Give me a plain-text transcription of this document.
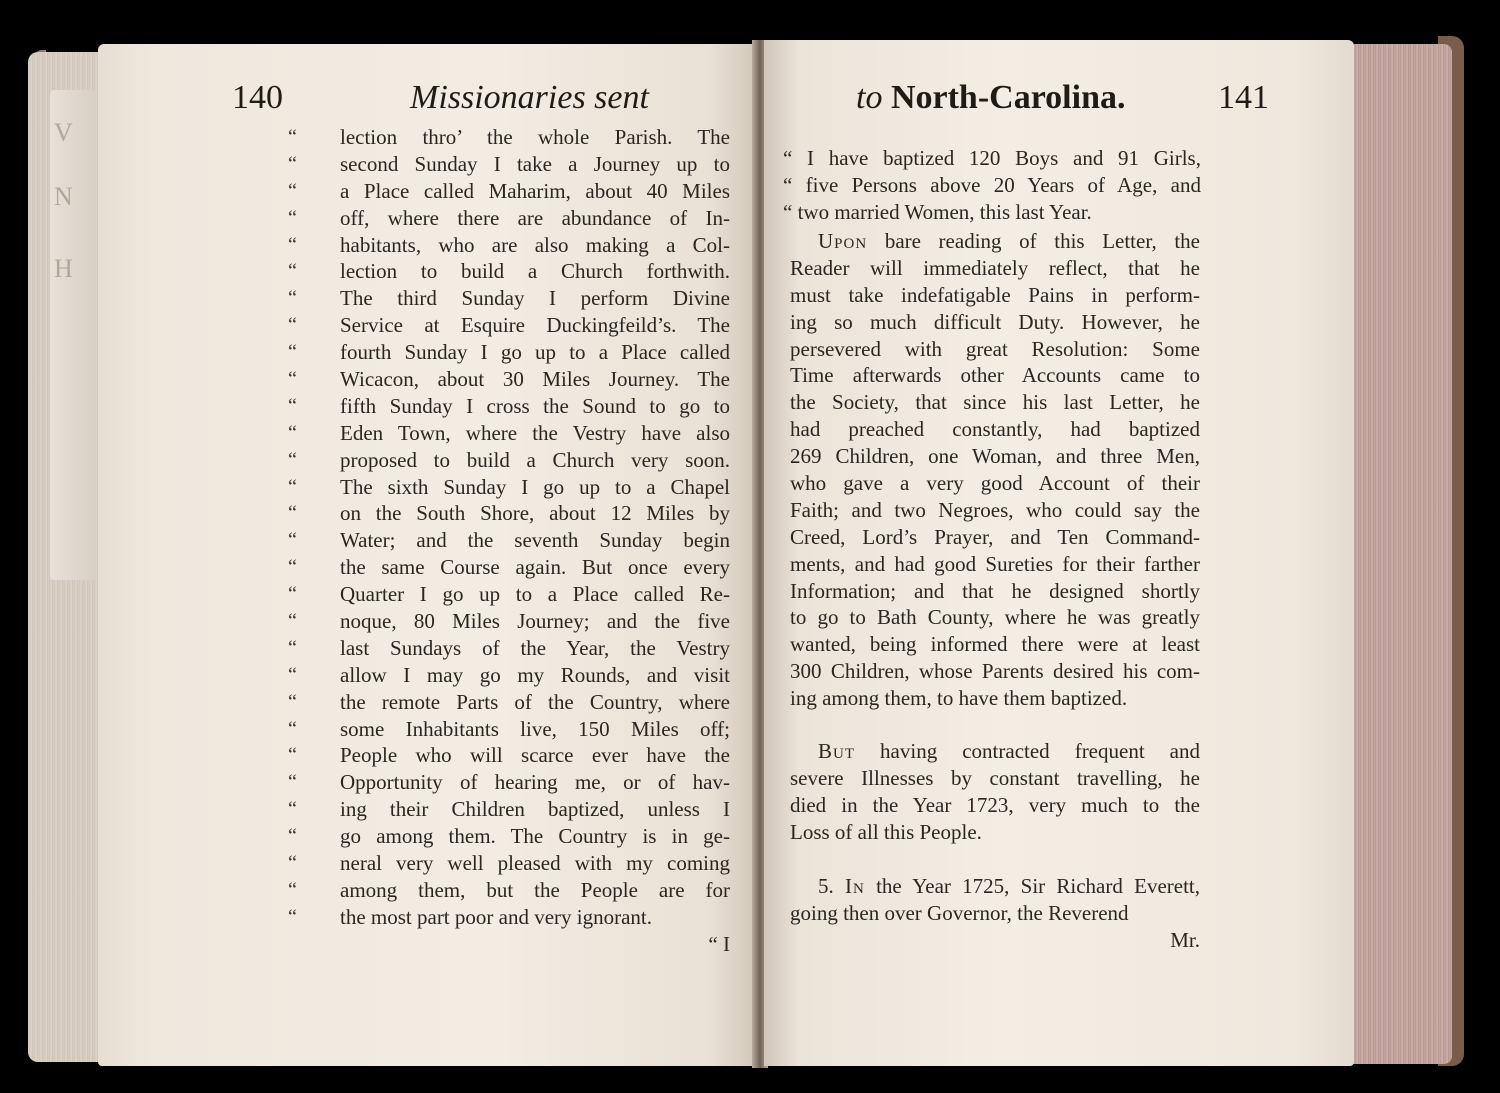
V
N
H
140	Missionaries sent
“
“
“
“
“
“
“
“
“
“
“
“
“
“
“
“
“
“
“
“
“
“
“
“
“
“
“
“
“
“
lection thro’ the whole Parish. The
second Sunday I take a Journey up to
a Place called Maharim, about 40 Miles
off, where there are abundance of In-
habitants, who are also making a Col-
lection to build a Church forthwith.
The third Sunday I perform Divine
Service at Esquire Duckingfeild’s. The
fourth Sunday I go up to a Place called
Wicacon, about 30 Miles Journey. The
fifth Sunday I cross the Sound to go to
Eden Town, where the Vestry have also
proposed to build a Church very soon.
The sixth Sunday I go up to a Chapel
on the South Shore, about 12 Miles by
Water; and the seventh Sunday begin
the same Course again. But once every
Quarter I go up to a Place called Re-
noque, 80 Miles Journey; and the five
last Sundays of the Year, the Vestry
allow I may go my Rounds, and visit
the remote Parts of the Country, where
some Inhabitants live, 150 Miles off;
People who will scarce ever have the
Opportunity of hearing me, or of hav-
ing their Children baptized, unless I
go among them. The Country is in ge-
neral very well pleased with my coming
among them, but the People are for
the most part poor and very ignorant.
“ I
to North-Carolina.	141
“ I have baptized 120 Boys and 91 Girls,
“ five Persons above 20 Years of Age, and
“ two married Women, this last Year.
Upon bare reading of this Letter, the
Reader will immediately reflect, that he
must take indefatigable Pains in perform-
ing so much difficult Duty. However, he
persevered with great Resolution: Some
Time afterwards other Accounts came to
the Society, that since his last Letter, he
had preached constantly, had baptized
269 Children, one Woman, and three Men,
who gave a very good Account of their
Faith; and two Negroes, who could say the
Creed, Lord’s Prayer, and Ten Command-
ments, and had good Sureties for their farther
Information; and that he designed shortly
to go to Bath County, where he was greatly
wanted, being informed there were at least
300 Children, whose Parents desired his com-
ing among them, to have them baptized.
But having contracted frequent and
severe Illnesses by constant travelling, he
died in the Year 1723, very much to the
Loss of all this People.
5. In the Year 1725, Sir Richard Everett,
going then over Governor, the Reverend
Mr.
